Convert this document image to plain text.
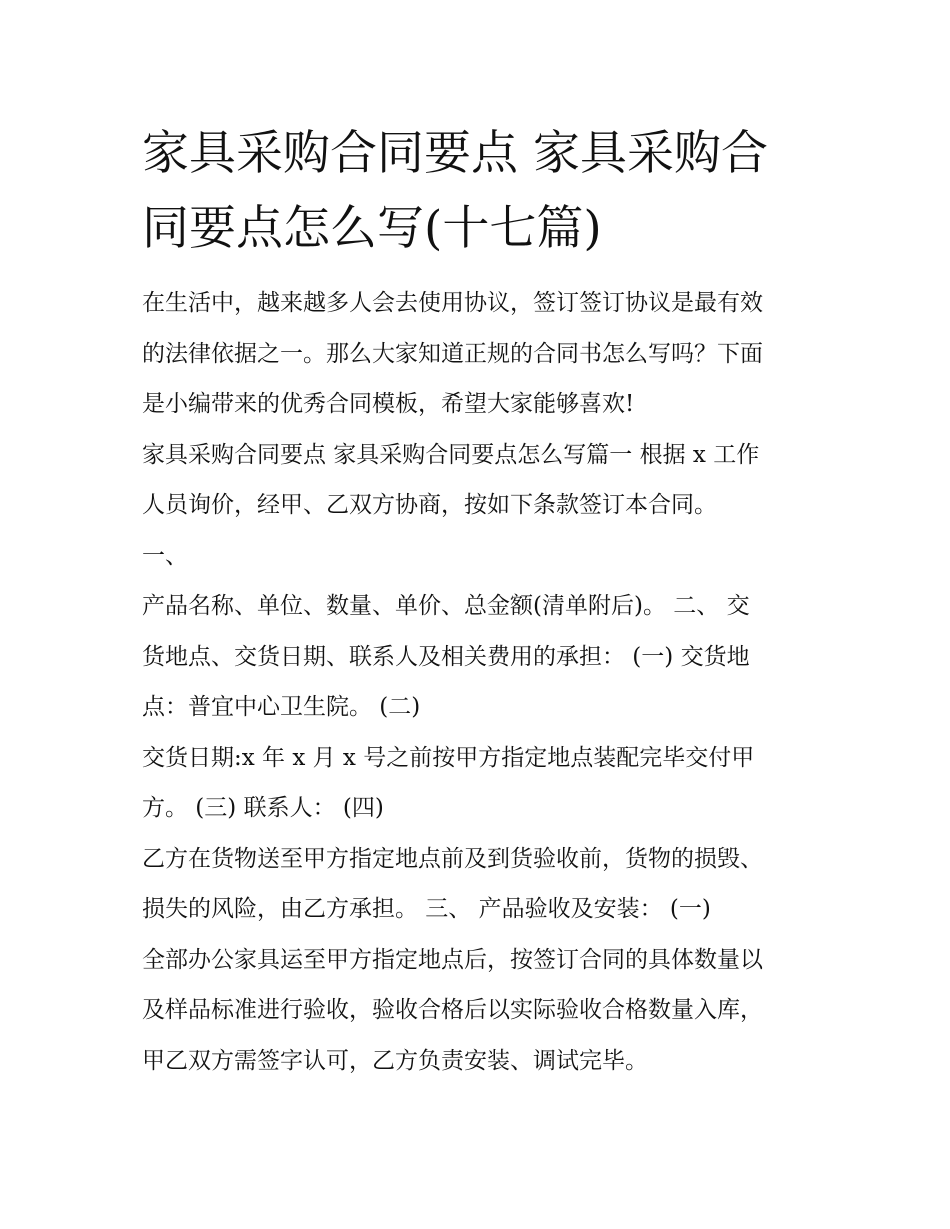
家具采购合同要点 家具采购合同要点怎么写(十七篇)

在生活中，越来越多人会去使用协议，签订签订协议是最有效

的法律依据之一。那么大家知道正规的合同书怎么写吗？下面

是小编带来的优秀合同模板，希望大家能够喜欢!

家具采购合同要点 家具采购合同要点怎么写篇一 根据 x 工作

人员询价，经甲、乙双方协商，按如下条款签订本合同。

一、

产品名称、单位、数量、单价、总金额(清单附后)。 二、 交

货地点、交货日期、联系人及相关费用的承担： (一) 交货地

点：普宜中心卫生院。 (二)

交货日期:x 年 x 月 x 号之前按甲方指定地点装配完毕交付甲

方。 (三) 联系人： (四)

乙方在货物送至甲方指定地点前及到货验收前，货物的损毁、

损失的风险，由乙方承担。 三、 产品验收及安装： (一)

全部办公家具运至甲方指定地点后，按签订合同的具体数量以

及样品标准进行验收，验收合格后以实际验收合格数量入库，

甲乙双方需签字认可，乙方负责安装、调试完毕。
